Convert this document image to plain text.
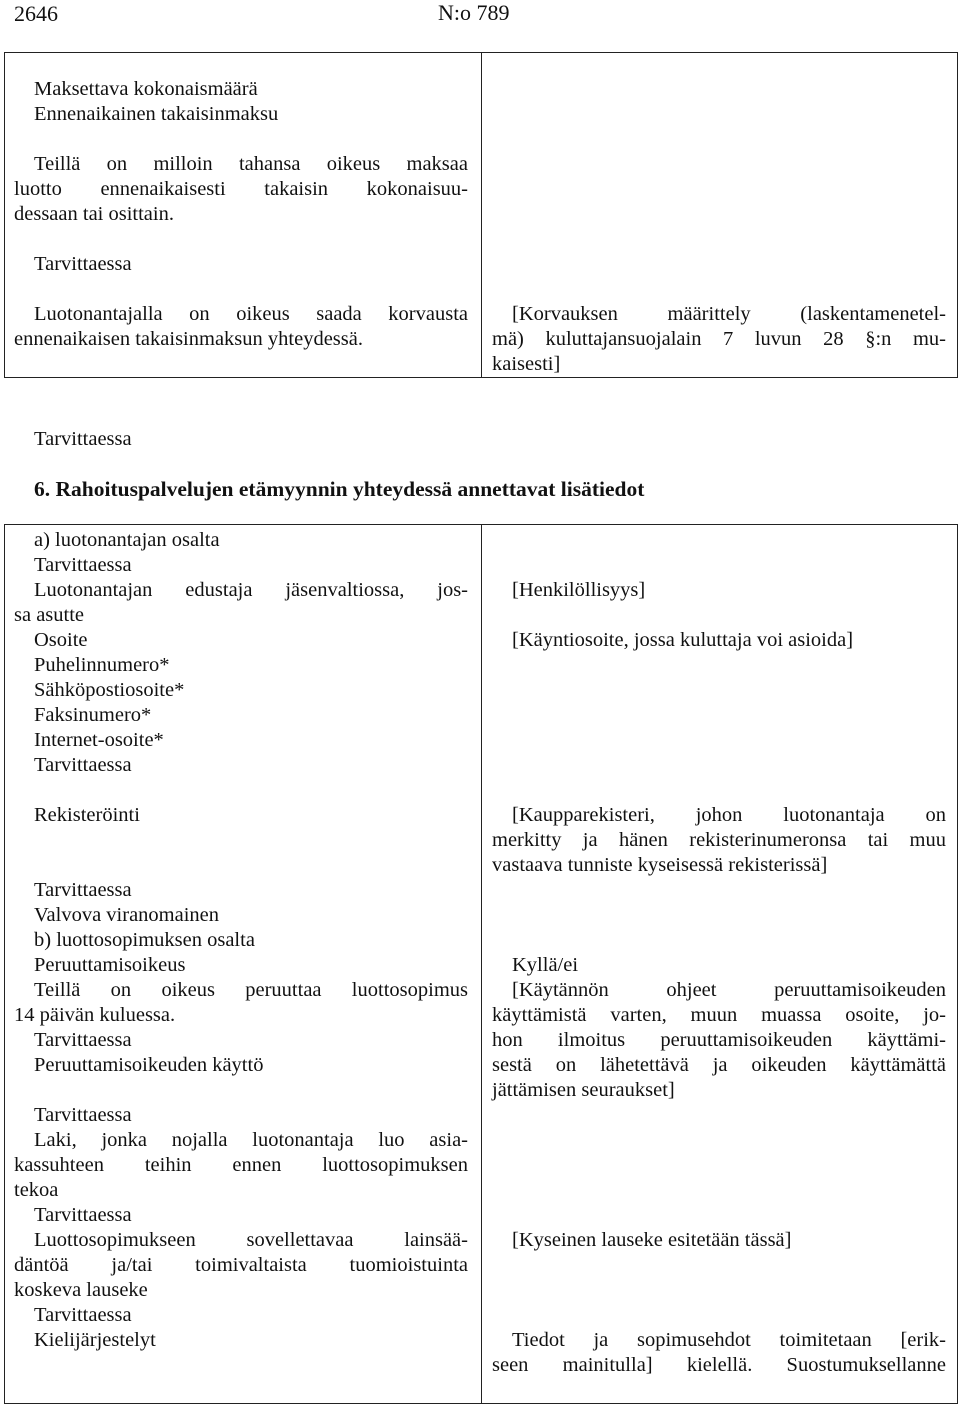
2646	N:o 789
Maksettava kokonaismäärä
Ennenaikainen takaisinmaksu
Teillä on milloin tahansa oikeus maksaa
luotto ennenaikaisesti takaisin kokonaisuu-
dessaan tai osittain.
Tarvittaessa
Luotonantajalla on oikeus saada korvausta
ennenaikaisen takaisinmaksun yhteydessä.
[Korvauksen määrittely (laskentamenetel-
mä) kuluttajansuojalain 7 luvun 28 §:n mu-
kaisesti]
Tarvittaessa
6. Rahoituspalvelujen etämyynnin yhteydessä annettavat lisätiedot
a) luotonantajan osalta
Tarvittaessa
Luotonantajan edustaja jäsenvaltiossa, jos-
sa asutte
Osoite
Puhelinnumero*
Sähköpostiosoite*
Faksinumero*
Internet-osoite*
Tarvittaessa
Rekisteröinti
Tarvittaessa
Valvova viranomainen
b) luottosopimuksen osalta
Peruuttamisoikeus
Teillä on oikeus peruuttaa luottosopimus
14 päivän kuluessa.
Tarvittaessa
Peruuttamisoikeuden käyttö
Tarvittaessa
Laki, jonka nojalla luotonantaja luo asia-
kassuhteen teihin ennen luottosopimuksen
tekoa
Tarvittaessa
Luottosopimukseen sovellettavaa lainsää-
däntöä ja/tai toimivaltaista tuomioistuinta
koskeva lauseke
Tarvittaessa
Kielijärjestelyt
[Henkilöllisyys]
[Käyntiosoite, jossa kuluttaja voi asioida]
[Kaupparekisteri, johon luotonantaja on
merkitty ja hänen rekisterinumeronsa tai muu
vastaava tunniste kyseisessä rekisterissä]
Kyllä/ei
[Käytännön ohjeet peruuttamisoikeuden
käyttämistä varten, muun muassa osoite, jo-
hon ilmoitus peruuttamisoikeuden käyttämi-
sestä on lähetettävä ja oikeuden käyttämättä
jättämisen seuraukset]
[Kyseinen lauseke esitetään tässä]
Tiedot ja sopimusehdot toimitetaan [erik-
seen mainitulla] kielellä. Suostumuksellanne
